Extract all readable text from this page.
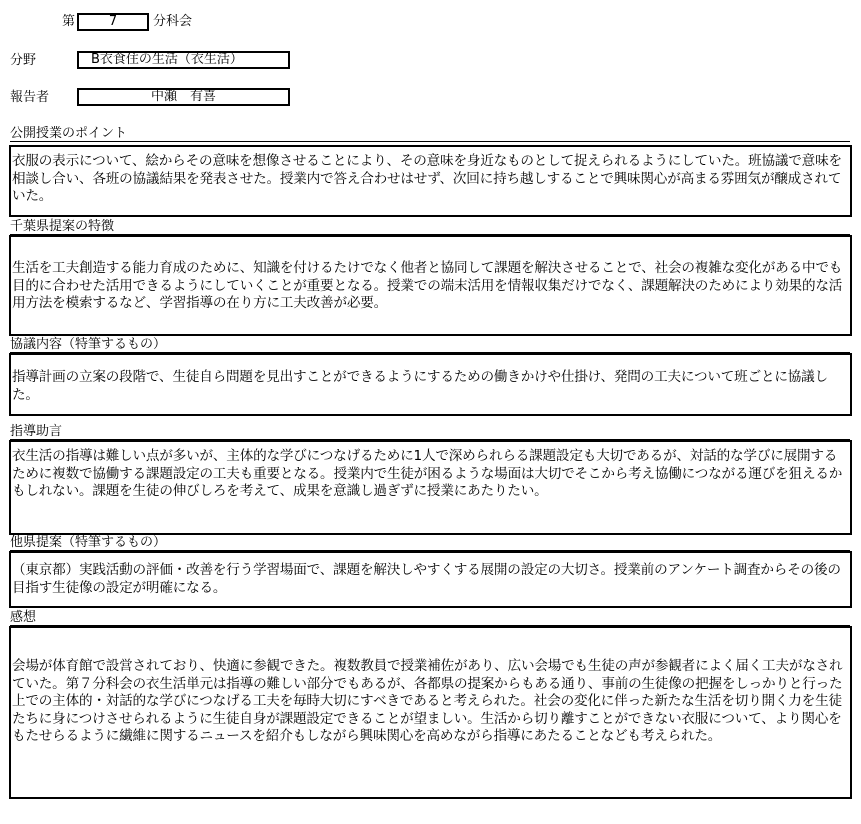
第	7	分科会
分野	B衣食住の生活（衣生活）
報告者	中瀬　有喜
公開授業のポイント
衣服の表示について、絵からその意味を想像させることにより、その意味を身近なものとして捉えられるようにしていた。班協議で意味を相談し合い、各班の協議結果を発表させた。授業内で答え合わせはせず、次回に持ち越しすることで興味関心が高まる雰囲気が醸成されていた。
千葉県提案の特徴
生活を工夫創造する能力育成のために、知識を付けるたけでなく他者と協同して課題を解決させることで、社会の複雑な変化がある中でも目的に合わせた活用できるようにしていくことが重要となる。授業での端末活用を情報収集だけでなく、課題解決のためにより効果的な活用方法を模索するなど、学習指導の在り方に工夫改善が必要。
協議内容（特筆するもの）
指導計画の立案の段階で、生徒自ら問題を見出すことができるようにするための働きかけや仕掛け、発問の工夫について班ごとに協議した。
指導助言
衣生活の指導は難しい点が多いが、主体的な学びにつなげるために1人で深められらる課題設定も大切であるが、対話的な学びに展開するために複数で協働する課題設定の工夫も重要となる。授業内で生徒が困るような場面は大切でそこから考え協働につながる運びを狙えるかもしれない。課題を生徒の伸びしろを考えて、成果を意識し過ぎずに授業にあたりたい。
他県提案（特筆するもの）
（東京都）実践活動の評価・改善を行う学習場面で、課題を解決しやすくする展開の設定の大切さ。授業前のアンケート調査からその後の目指す生徒像の設定が明確になる。
感想
会場が体育館で設営されており、快適に参観できた。複数教員で授業補佐があり、広い会場でも生徒の声が参観者によく届く工夫がなされていた。第７分科会の衣生活単元は指導の難しい部分でもあるが、各都県の提案からもある通り、事前の生徒像の把握をしっかりと行った上での主体的・対話的な学びにつなげる工夫を毎時大切にすべきであると考えられた。社会の変化に伴った新たな生活を切り開く力を生徒たちに身につけさせられるように生徒自身が課題設定できることが望ましい。生活から切り離すことができない衣服について、より関心をもたせらるように繊維に関するニュースを紹介もしながら興味関心を高めながら指導にあたることなども考えられた。
